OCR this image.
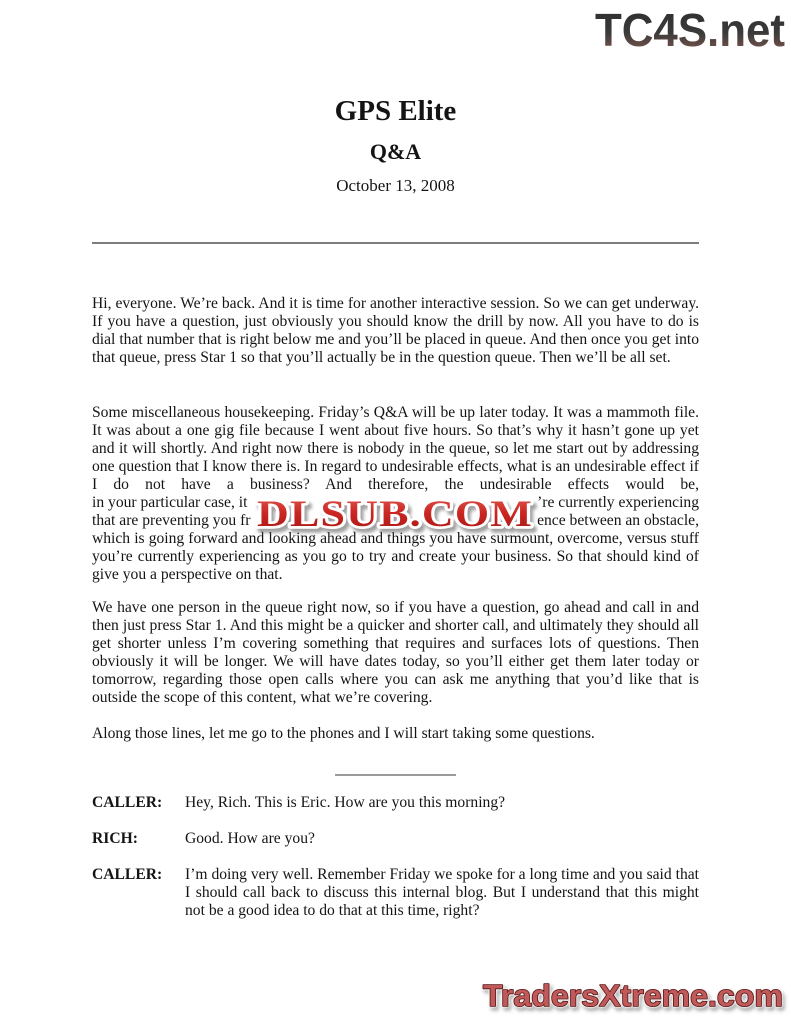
TC4S.net
GPS Elite
Q&A
October 13, 2008

Hi, everyone. We’re back. And it is time for another interactive session. So we can get underway. If you have a question, just obviously you should know the drill by now. All you have to do is dial that number that is right below me and you’ll be placed in queue. And then once you get into that queue, press Star 1 so that you’ll actually be in the question queue. Then we’ll be all set.

Some miscellaneous housekeeping. Friday’s Q&A will be up later today. It was a mammoth file. It was about a one gig file because I went about five hours. So that’s why it hasn’t gone up yet and it will shortly. And right now there is nobody in the queue, so let me start out by addressing one question that I know there is. In regard to undesirable effects, what is an undesirable effect if I do not have a business? And therefore, the undesirable effects would be,

in your particular case, it	’re currently experiencing
that are preventing you fr	ence between an obstacle,

which is going forward and looking ahead and things you have surmount, overcome, versus stuff you’re currently experiencing as you go to try and create your business. So that should kind of give you a perspective on that.

We have one person in the queue right now, so if you have a question, go ahead and call in and then just press Star 1. And this might be a quicker and shorter call, and ultimately they should all get shorter unless I’m covering something that requires and surfaces lots of questions. Then obviously it will be longer. We will have dates today, so you’ll either get them later today or tomorrow, regarding those open calls where you can ask me anything that you’d like that is outside the scope of this content, what we’re covering.

Along those lines, let me go to the phones and I will start taking some questions.

CALLER:	Hey, Rich. This is Eric. How are you this morning?
RICH:	Good. How are you?
CALLER:	I’m doing very well. Remember Friday we spoke for a long time and you said that I should call back to discuss this internal blog. But I understand that this might not be a good idea to do that at this time, right?
DLSUB.COM
TradersXtreme.com
